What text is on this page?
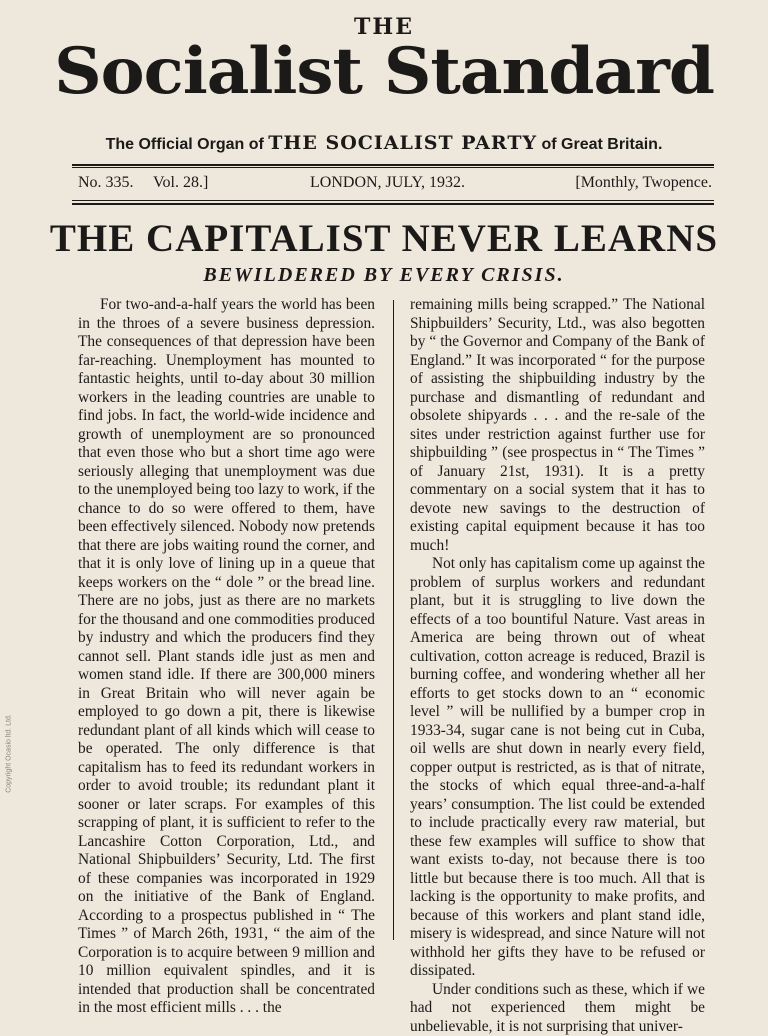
THE
Socialist Standard
The Official Organ of THE SOCIALIST PARTY of Great Britain.
No. 335. Vol. 28.]	LONDON, JULY, 1932.	[Monthly, Twopence.
THE CAPITALIST NEVER LEARNS
BEWILDERED BY EVERY CRISIS.

For two-and-a-half years the world has been in the throes of a severe business depression. The consequences of that depression have been far-reaching. Unemployment has mounted to fantastic heights, until to-day about 30 million workers in the leading countries are unable to find jobs. In fact, the world-wide incidence and growth of unemployment are so pronounced that even those who but a short time ago were seriously alleging that unemployment was due to the unemployed being too lazy to work, if the chance to do so were offered to them, have been effectively silenced. Nobody now pretends that there are jobs waiting round the corner, and that it is only love of lining up in a queue that keeps workers on the “ dole ” or the bread line. There are no jobs, just as there are no markets for the thousand and one commodities produced by industry and which the producers find they cannot sell. Plant stands idle just as men and women stand idle. If there are 300,000 miners in Great Britain who will never again be employed to go down a pit, there is likewise redundant plant of all kinds which will cease to be operated. The only difference is that capitalism has to feed its redundant workers in order to avoid trouble; its redundant plant it sooner or later scraps. For examples of this scrapping of plant, it is sufficient to refer to the Lancashire Cotton Corporation, Ltd., and National Shipbuilders’ Security, Ltd. The first of these companies was incorporated in 1929 on the initiative of the Bank of England. According to a prospectus published in “ The Times ” of March 26th, 1931, “ the aim of the Corporation is to acquire between 9 million and 10 million equivalent spindles, and it is intended that production shall be concentrated in the most efficient mills . . . the

remaining mills being scrapped.” The National Shipbuilders’ Security, Ltd., was also begotten by “ the Governor and Company of the Bank of England.” It was incorporated “ for the purpose of assisting the shipbuilding industry by the purchase and dismantling of redundant and obsolete shipyards . . . and the re-sale of the sites under restriction against further use for shipbuilding ” (see prospectus in “ The Times ” of January 21st, 1931). It is a pretty commentary on a social system that it has to devote new savings to the destruction of existing capital equipment because it has too much!

Not only has capitalism come up against the problem of surplus workers and redundant plant, but it is struggling to live down the effects of a too bountiful Nature. Vast areas in America are being thrown out of wheat cultivation, cotton acreage is reduced, Brazil is burning coffee, and wondering whether all her efforts to get stocks down to an “ economic level ” will be nullified by a bumper crop in 1933-34, sugar cane is not being cut in Cuba, oil wells are shut down in nearly every field, copper output is restricted, as is that of nitrate, the stocks of which equal three-and-a-half years’ consumption. The list could be extended to include practically every raw material, but these few examples will suffice to show that want exists to-day, not because there is too little but because there is too much. All that is lacking is the opportunity to make profits, and because of this workers and plant stand idle, misery is widespread, and since Nature will not withhold her gifts they have to be refused or dissipated.

Under conditions such as these, which if we had not experienced them might be unbelievable, it is not surprising that univer-

Copyright Ocasio ltd. Ltd.
